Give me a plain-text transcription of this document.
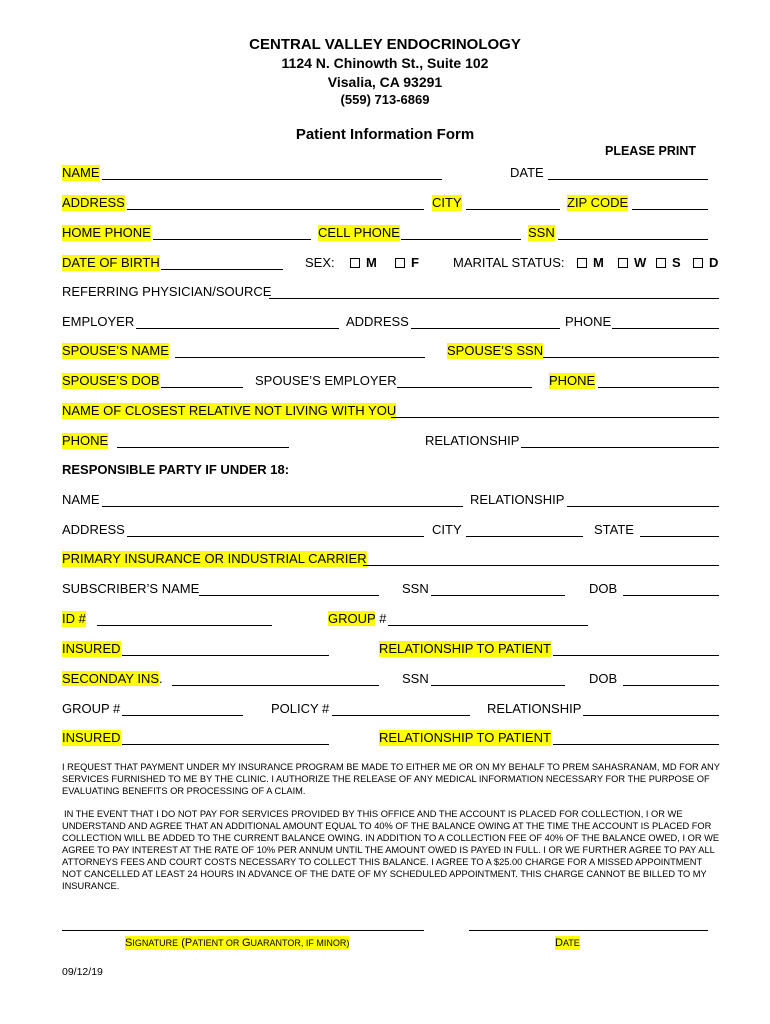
CENTRAL VALLEY ENDOCRINOLOGY
1124 N. Chinowth St., Suite 102
Visalia, CA 93291
(559) 713-6869
Patient Information Form
PLEASE PRINT
NAME	DATE
ADDRESS	CITY	ZIP CODE
HOME PHONE	CELL PHONE	SSN
DATE OF BIRTH	SEX:	M	F	MARITAL STATUS:	M	W	S	D
REFERRING PHYSICIAN/SOURCE
EMPLOYER	ADDRESS	PHONE
SPOUSE’S NAME	SPOUSE’S SSN
SPOUSE’S DOB	SPOUSE’S EMPLOYER	PHONE
NAME OF CLOSEST RELATIVE NOT LIVING WITH YOU
PHONE	RELATIONSHIP
RESPONSIBLE PARTY IF UNDER 18:
NAME	RELATIONSHIP
ADDRESS	CITY	STATE
PRIMARY INSURANCE OR INDUSTRIAL CARRIER
SUBSCRIBER’S NAME	SSN	DOB
ID #	GROUP #
INSURED	RELATIONSHIP TO PATIENT
SECONDAY INS.	SSN	DOB
GROUP #	POLICY #	RELATIONSHIP
INSURED	RELATIONSHIP TO PATIENT
I REQUEST THAT PAYMENT UNDER MY INSURANCE PROGRAM BE MADE TO EITHER ME OR ON MY BEHALF TO PREM SAHASRANAM, MD FOR ANY SERVICES FURNISHED TO ME BY THE CLINIC. I AUTHORIZE THE RELEASE OF ANY MEDICAL INFORMATION NECESSARY FOR THE PURPOSE OF EVALUATING BENEFITS OR PROCESSING OF A CLAIM.
IN THE EVENT THAT I DO NOT PAY FOR SERVICES PROVIDED BY THIS OFFICE AND THE ACCOUNT IS PLACED FOR COLLECTION, I OR WE UNDERSTAND AND AGREE THAT AN ADDITIONAL AMOUNT EQUAL TO 40% OF THE BALANCE OWING AT THE TIME THE ACCOUNT IS PLACED FOR COLLECTION WILL BE ADDED TO THE CURRENT BALANCE OWING. IN ADDITION TO A COLLECTION FEE OF 40% OF THE BALANCE OWED, I OR WE AGREE TO PAY INTEREST AT THE RATE OF 10% PER ANNUM UNTIL THE AMOUNT OWED IS PAYED IN FULL. I OR WE FURTHER AGREE TO PAY ALL ATTORNEYS FEES AND COURT COSTS NECESSARY TO COLLECT THIS BALANCE. I AGREE TO A $25.00 CHARGE FOR A MISSED APPOINTMENT NOT CANCELLED AT LEAST 24 HOURS IN ADVANCE OF THE DATE OF MY SCHEDULED APPOINTMENT. THIS CHARGE CANNOT BE BILLED TO MY INSURANCE.
SIGNATURE (PATIENT OR GUARANTOR, IF MINOR)	DATE
09/12/19
